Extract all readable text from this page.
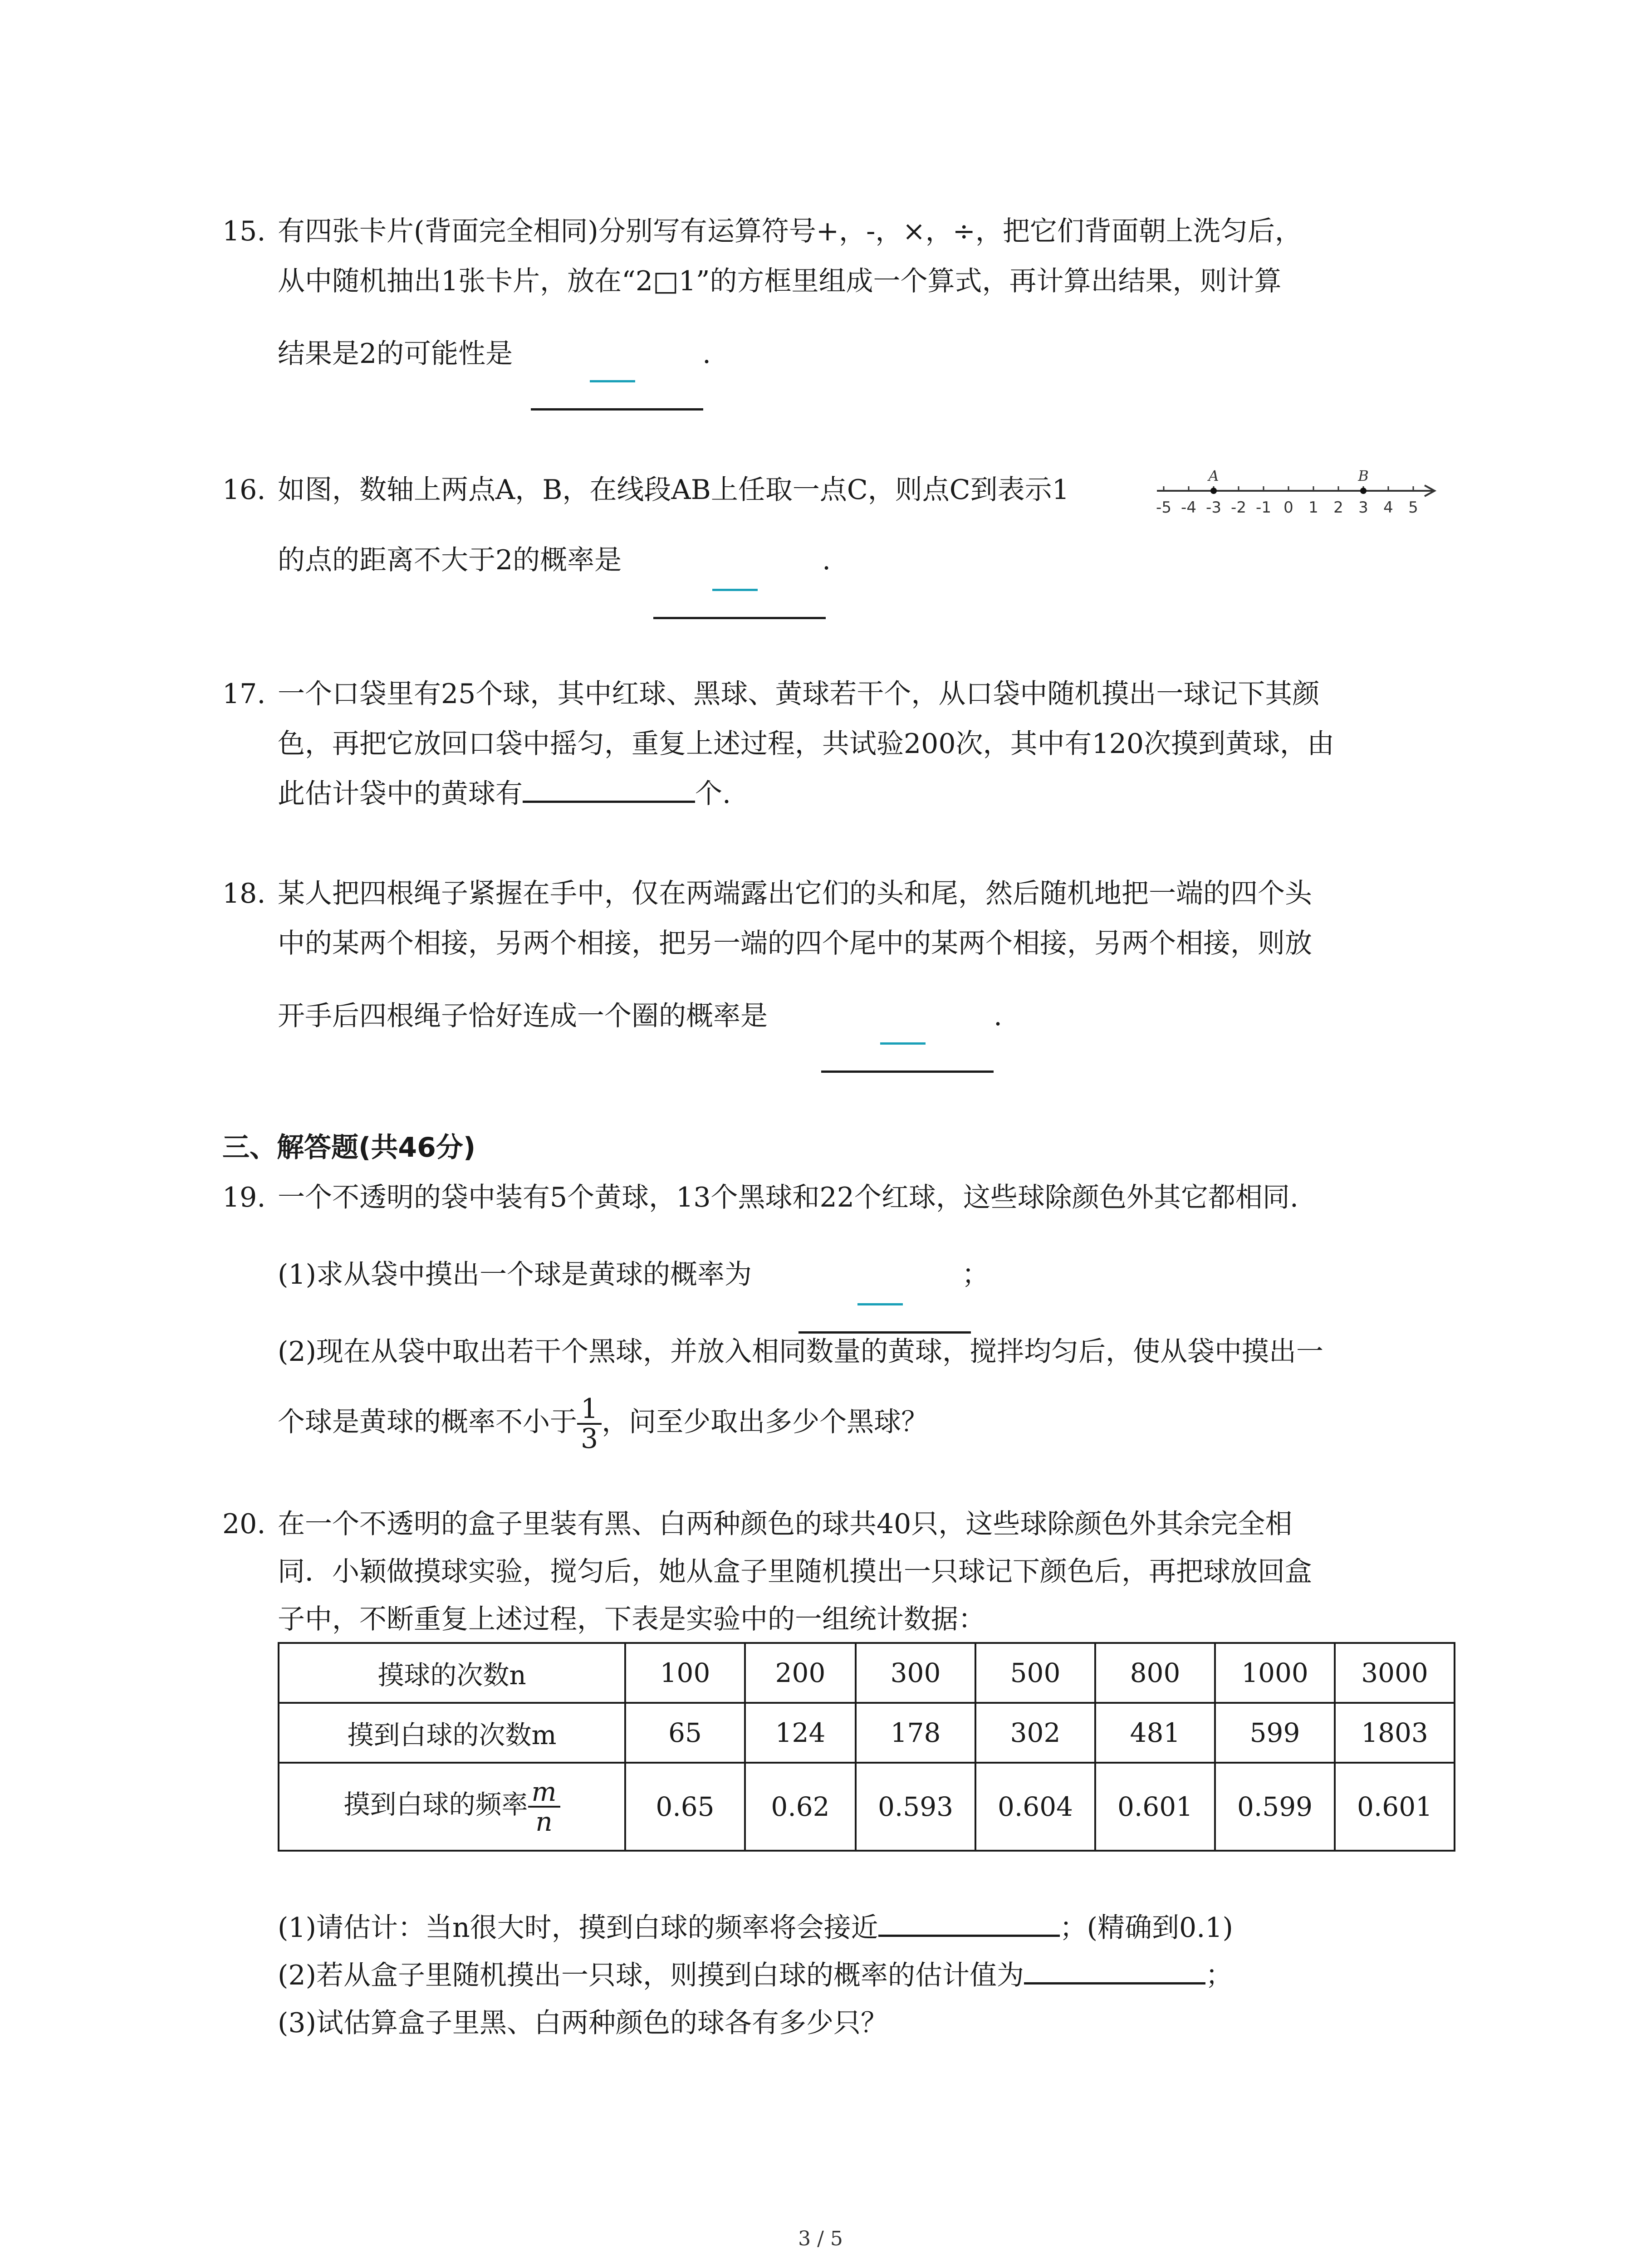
15. 有四张卡片(背面完全相同)分别写有运算符号+，-，×，÷，把它们背面朝上洗匀后，
从中随机抽出1张卡片，放在“2□1”的方框里组成一个算式，再计算出结果，则计算
结果是2的可能性是	.
16. 如图，数轴上两点A，B，在线段AB上任取一点C，则点C到表示1
-5 -4 -3 -2 -1 0 1 2 3 4 5
A	B
的点的距离不大于2的概率是	.
17. 一个口袋里有25个球，其中红球、黑球、黄球若干个，从口袋中随机摸出一球记下其颜
色，再把它放回口袋中摇匀，重复上述过程，共试验200次，其中有120次摸到黄球，由
此估计袋中的黄球有	个.
18. 某人把四根绳子紧握在手中，仅在两端露出它们的头和尾，然后随机地把一端的四个头
中的某两个相接，另两个相接，把另一端的四个尾中的某两个相接，另两个相接，则放
开手后四根绳子恰好连成一个圈的概率是	.
三、解答题(共46分)
19. 一个不透明的袋中装有5个黄球，13个黑球和22个红球，这些球除颜色外其它都相同.
(1)求从袋中摸出一个球是黄球的概率为	；
(2)现在从袋中取出若干个黑球，并放入相同数量的黄球，搅拌均匀后，使从袋中摸出一
个球是黄球的概率不小于 $\frac{1}{3}$ ，问至少取出多少个黑球？
20. 在一个不透明的盒子里装有黑、白两种颜色的球共40只，这些球除颜色外其余完全相
同．小颖做摸球实验，搅匀后，她从盒子里随机摸出一只球记下颜色后，再把球放回盒
子中，不断重复上述过程，下表是实验中的一组统计数据：
摸球的次数n	100	200	300	500	800	1000	3000
摸到白球的次数m	65	124	178	302	481	599	1803
摸到白球的频率 $\frac{m}{n}$	0.65	0.62	0.593	0.604	0.601	0.599	0.601
(1)请估计：当n很大时，摸到白球的频率将会接近	；(精确到0.1)
(2)若从盒子里随机摸出一只球，则摸到白球的概率的估计值为	；
(3)试估算盒子里黑、白两种颜色的球各有多少只？
3 / 5
